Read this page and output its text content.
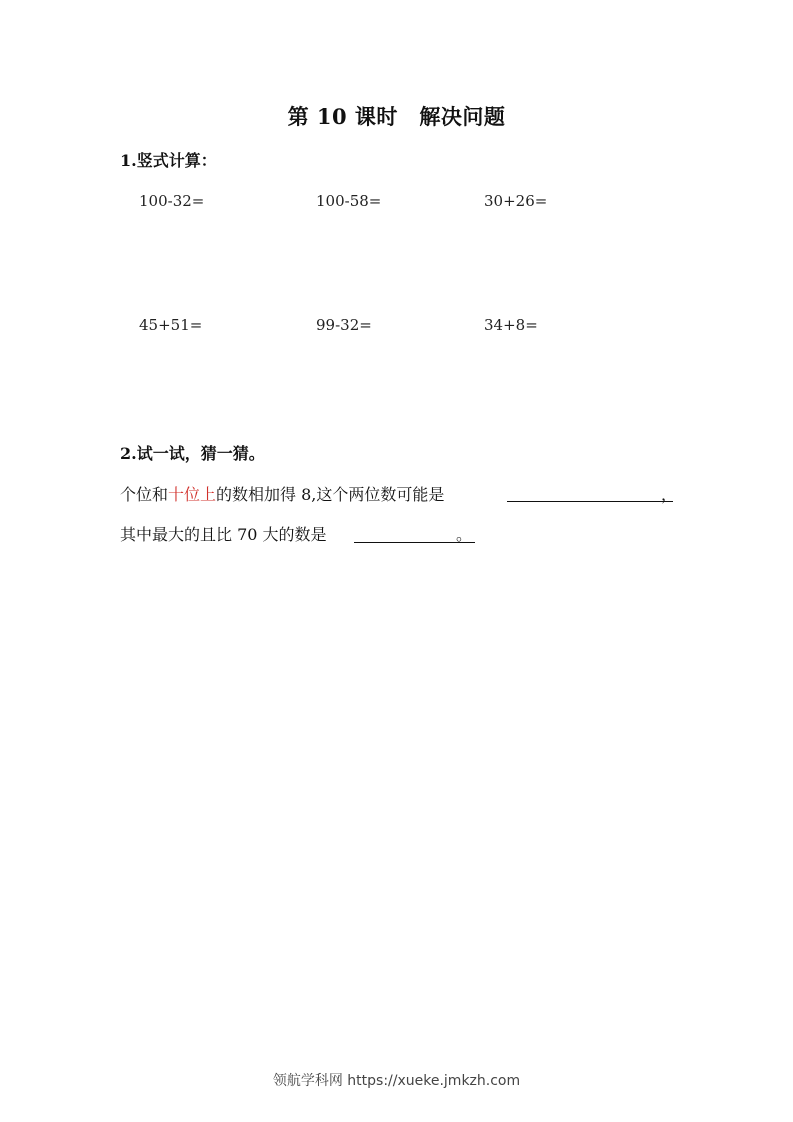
第 10 课时　解决问题
1.竖式计算：
100-32=	100-58=	30+26=
45+51=	99-32=	34+8=
2.试一试，猜一猜。
个位和十位上的数相加得 8,这个两位数可能是	，
其中最大的且比 70 大的数是	。
领航学科网 https://xueke.jmkzh.com
